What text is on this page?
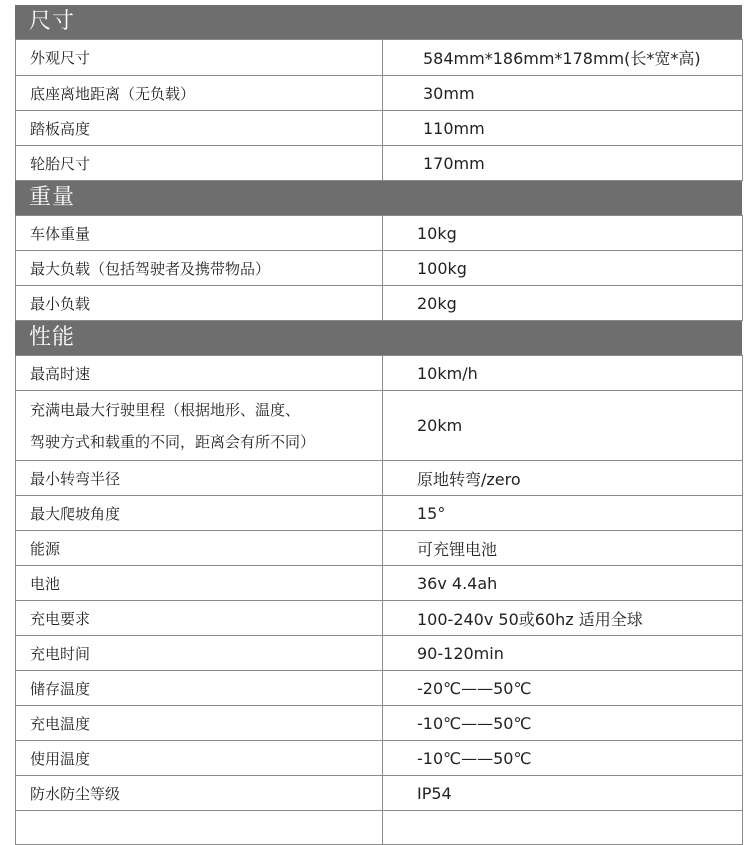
尺寸
外观尺寸	584mm*186mm*178mm(长*宽*高)
底座离地距离（无负载）	30mm
踏板高度	110mm
轮胎尺寸	170mm
重量
车体重量	10kg
最大负载（包括驾驶者及携带物品）	100kg
最小负载	20kg
性能
最高时速	10km/h

充满电最大行驶里程（根据地形、温度、
驾驶方式和载重的不同，距离会有所不同）	20km
最小转弯半径	原地转弯/zero
最大爬坡角度	15°
能源	可充锂电池
电池	36v 4.4ah
充电要求	100-240v 50或60hz 适用全球
充电时间	90-120min
储存温度	-20℃——50℃
充电温度	-10℃——50℃
使用温度	-10℃——50℃
防水防尘等级	IP54
